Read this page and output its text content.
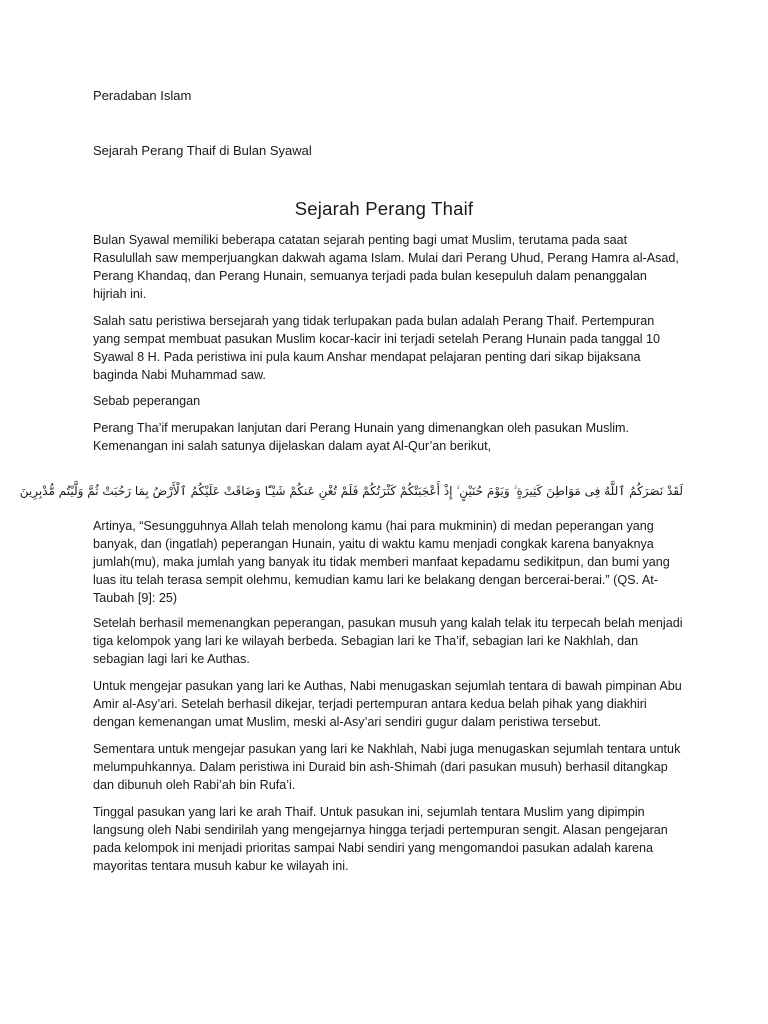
Peradaban Islam

Sejarah Perang Thaif di Bulan Syawal

Sejarah Perang Thaif

Bulan Syawal memiliki beberapa catatan sejarah penting bagi umat Muslim, terutama pada saat Rasulullah saw memperjuangkan dakwah agama Islam. Mulai dari Perang Uhud, Perang Hamra al-Asad, Perang Khandaq, dan Perang Hunain, semuanya terjadi pada bulan kesepuluh dalam penanggalan hijriah ini.

Salah satu peristiwa bersejarah yang tidak terlupakan pada bulan adalah Perang Thaif. Pertempuran yang sempat membuat pasukan Muslim kocar-kacir ini terjadi setelah Perang Hunain pada tanggal 10 Syawal 8 H. Pada peristiwa ini pula kaum Anshar mendapat pelajaran penting dari sikap bijaksana baginda Nabi Muhammad saw.

Sebab peperangan

Perang Tha’if merupakan lanjutan dari Perang Hunain yang dimenangkan oleh pasukan Muslim. Kemenangan ini salah satunya dijelaskan dalam ayat Al-Qur’an berikut,

لَقَدْ نَصَرَكُمُ ٱللَّهُ فِى مَوَاطِنَ كَثِيرَةٍ ۙ وَيَوْمَ حُنَيْنٍ ۙ إِذْ أَعْجَبَتْكُمْ كَثْرَتُكُمْ فَلَمْ تُغْنِ عَنكُمْ شَيْـًٔا وَضَاقَتْ عَلَيْكُمُ ٱلْأَرْضُ بِمَا رَحُبَتْ ثُمَّ وَلَّيْتُم مُّدْبِرِينَ

Artinya, “Sesungguhnya Allah telah menolong kamu (hai para mukminin) di medan peperangan yang banyak, dan (ingatlah) peperangan Hunain, yaitu di waktu kamu menjadi congkak karena banyaknya jumlah(mu), maka jumlah yang banyak itu tidak memberi manfaat kepadamu sedikitpun, dan bumi yang luas itu telah terasa sempit olehmu, kemudian kamu lari ke belakang dengan bercerai-berai.” (QS. At-Taubah [9]: 25)

Setelah berhasil memenangkan peperangan, pasukan musuh yang kalah telak itu terpecah belah menjadi tiga kelompok yang lari ke wilayah berbeda. Sebagian lari ke Tha’if, sebagian lari ke Nakhlah, dan sebagian lagi lari ke Authas.

Untuk mengejar pasukan yang lari ke Authas, Nabi menugaskan sejumlah tentara di bawah pimpinan Abu Amir al-Asy’ari. Setelah berhasil dikejar, terjadi pertempuran antara kedua belah pihak yang diakhiri dengan kemenangan umat Muslim, meski al-Asy’ari sendiri gugur dalam peristiwa tersebut.

Sementara untuk mengejar pasukan yang lari ke Nakhlah, Nabi juga menugaskan sejumlah tentara untuk melumpuhkannya. Dalam peristiwa ini Duraid bin ash-Shimah (dari pasukan musuh) berhasil ditangkap dan dibunuh oleh Rabi’ah bin Rufa’i.

Tinggal pasukan yang lari ke arah Thaif. Untuk pasukan ini, sejumlah tentara Muslim yang dipimpin langsung oleh Nabi sendirilah yang mengejarnya hingga terjadi pertempuran sengit. Alasan pengejaran pada kelompok ini menjadi prioritas sampai Nabi sendiri yang mengomandoi pasukan adalah karena mayoritas tentara musuh kabur ke wilayah ini.
